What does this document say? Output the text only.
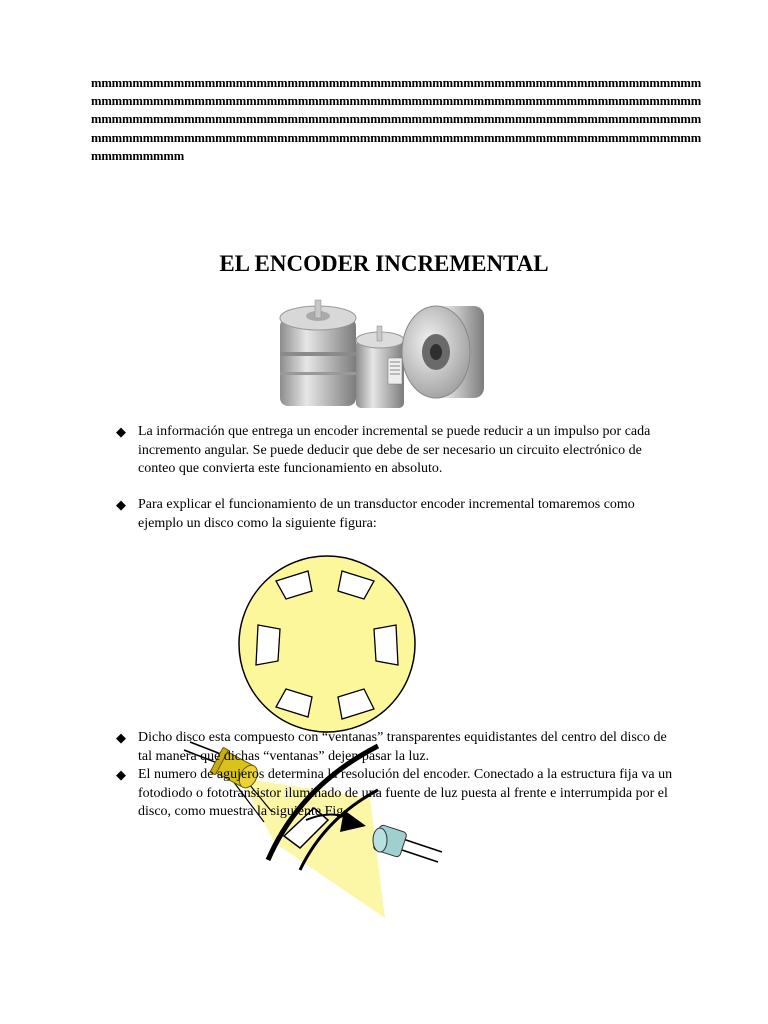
mmmmmmmmmmmmmmmmmmmmmmmmmmmmmmmmmmmmmmmmmmmmmmmmmmmmmmmmmmm
mmmmmmmmmmmmmmmmmmmmmmmmmmmmmmmmmmmmmmmmmmmmmmmmmmmmmmmmmmm
mmmmmmmmmmmmmmmmmmmmmmmmmmmmmmmmmmmmmmmmmmmmmmmmmmmmmmmmmmm
mmmmmmmmmmmmmmmmmmmmmmmmmmmmmmmmmmmmmmmmmmmmmmmmmmmmmmmmmmm
mmmmmmmmm
EL ENCODER INCREMENTAL
◆ La información que entrega un encoder incremental se puede reducir a un impulso por cada incremento angular. Se puede deducir que debe de ser necesario un circuito electrónico de conteo que convierta este funcionamiento en absoluto.
◆ Para explicar el funcionamiento de un transductor encoder incremental tomaremos como ejemplo un disco como la siguiente figura:
◆ Dicho disco esta compuesto con “ventanas” transparentes equidistantes del centro del disco de tal manera que dichas “ventanas” dejen pasar la luz.
◆ El numero de agujeros determina la resolución del encoder. Conectado a la estructura fija va un fotodiodo o fototransistor iluminado de una fuente de luz puesta al frente e interrumpida por el disco, como muestra la siguiente Fig.
